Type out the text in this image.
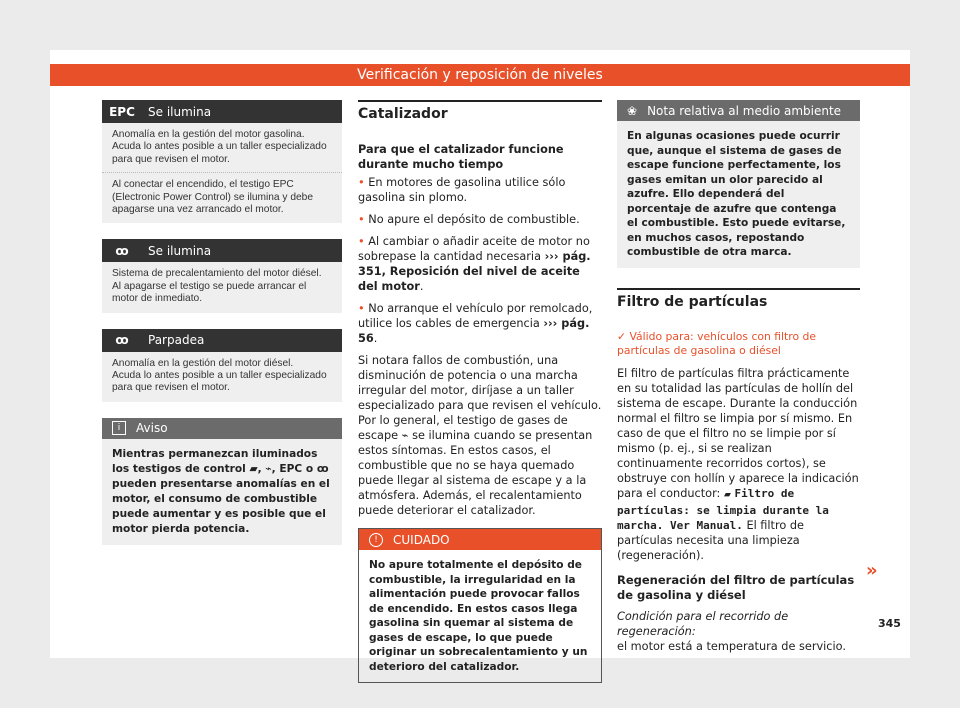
Verificación y reposición de niveles
EPC	Se ilumina

Anomalía en la gestión del motor gasolina.
Acuda lo antes posible a un taller especializado para que revisen el motor.

Al conectar el encendido, el testigo EPC (Electronic Power Control) se ilumina y debe apagarse una vez arrancado el motor.

ꝏ	Se ilumina

Sistema de precalentamiento del motor diésel.
Al apagarse el testigo se puede arrancar el motor de inmediato.

ꝏ	Parpadea

Anomalía en la gestión del motor diésel.
Acuda lo antes posible a un taller especializado para que revisen el motor.

i	Aviso
Mientras permanezcan iluminados los testigos de control ▰, ⌁, EPC o ꝏ pueden presentarse anomalías en el motor, el consumo de combustible puede aumentar y es posible que el motor pierda potencia.
Catalizador
Para que el catalizador funcione durante mucho tiempo

• En motores de gasolina utilice sólo gasolina sin plomo.

• No apure el depósito de combustible.

• Al cambiar o añadir aceite de motor no sobrepase la cantidad necesaria ››› pág. 351, Reposición del nivel de aceite del motor.

• No arranque el vehículo por remolcado, utilice los cables de emergencia ››› pág. 56.

Si notara fallos de combustión, una disminución de potencia o una marcha irregular del motor, diríjase a un taller especializado para que revisen el vehículo. Por lo general, el testigo de gases de escape ⌁ se ilumina cuando se presentan estos síntomas. En estos casos, el combustible que no se haya quemado puede llegar al sistema de escape y a la atmósfera. Además, el recalentamiento puede deteriorar el catalizador.

!	CUIDADO
No apure totalmente el depósito de combustible, la irregularidad en la alimentación puede provocar fallos de encendido. En estos casos llega gasolina sin quemar al sistema de gases de escape, lo que puede originar un sobrecalentamiento y un deterioro del catalizador.
❀ Nota relativa al medio ambiente
En algunas ocasiones puede ocurrir que, aunque el sistema de gases de escape funcione perfectamente, los gases emitan un olor parecido al azufre. Ello dependerá del porcentaje de azufre que contenga el combustible. Esto puede evitarse, en muchos casos, repostando combustible de otra marca.
Filtro de partículas
✓ Válido para: vehículos con filtro de partículas de gasolina o diésel

El filtro de partículas filtra prácticamente en su totalidad las partículas de hollín del sistema de escape. Durante la conducción normal el filtro se limpia por sí mismo. En caso de que el filtro no se limpie por sí mismo (p. ej., si se realizan continuamente recorridos cortos), se obstruye con hollín y aparece la indicación para el conductor: ▰ Filtro de partículas: se limpia durante la marcha. Ver Manual. El filtro de partículas necesita una limpieza (regeneración).

Regeneración del filtro de partículas de gasolina y diésel
Condición para el recorrido de regeneración:
el motor está a temperatura de servicio.
»
345
